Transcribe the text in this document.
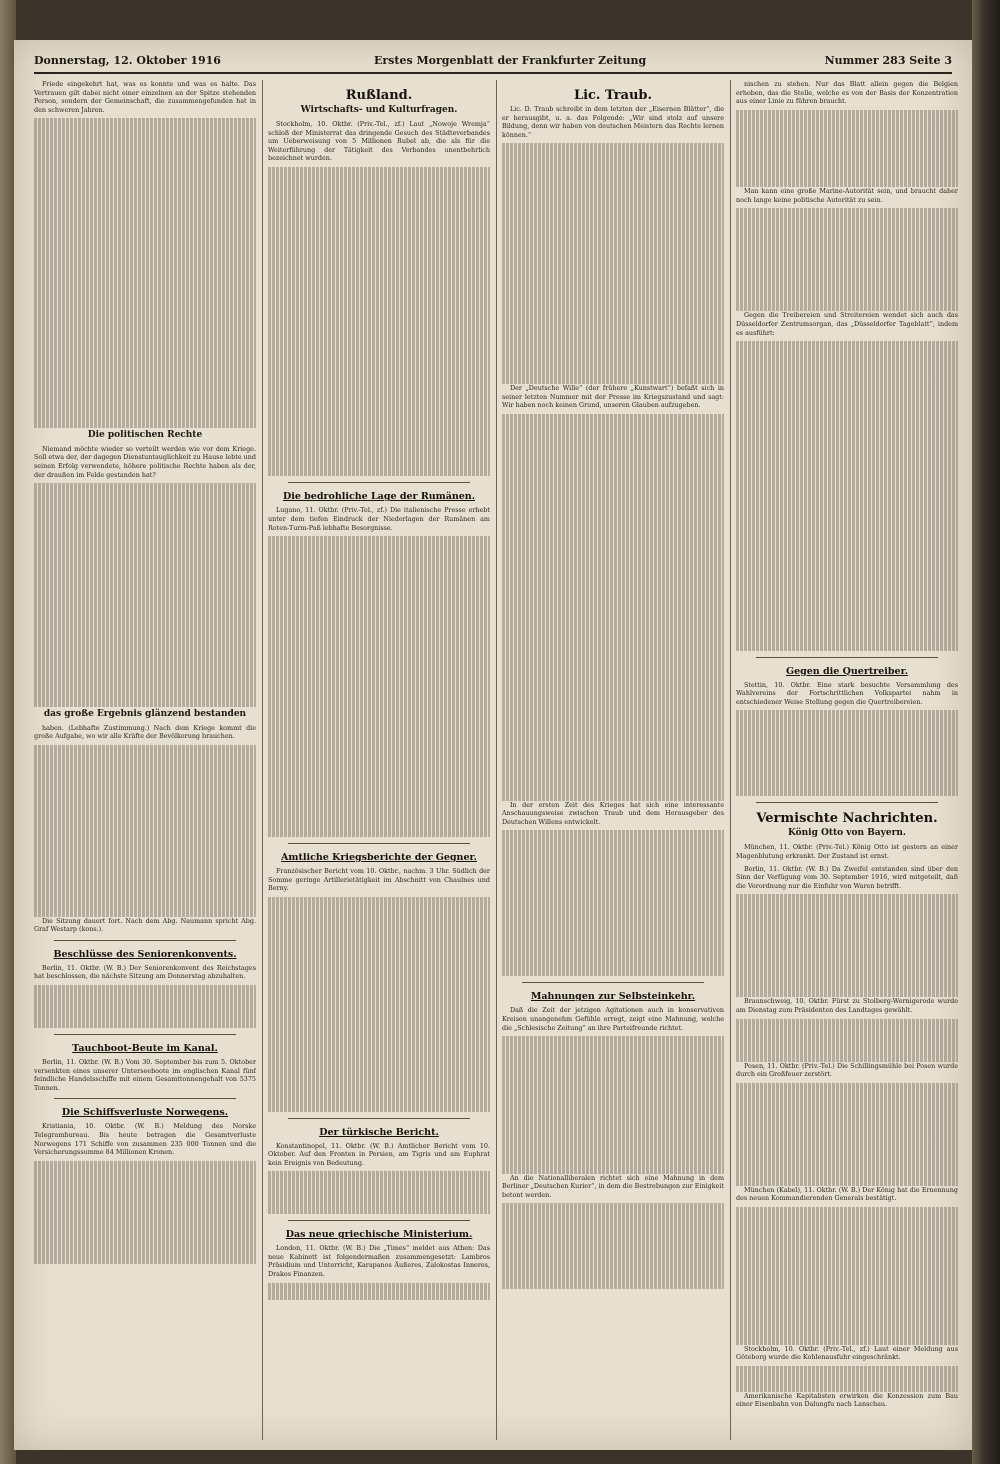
Donnerstag, 12. Oktober 1916	Erstes Morgenblatt der Frankfurter Zeitung	Nummer 283 Seite 3

Friede eingekehrt hat, was es konnte und was es halte. Das Vertrauen gilt dabei nicht einer einzelnen an der Spitze stehenden Person, sondern der Gemeinschaft, die zusammengefunden hat in den schweren Jahren.

Die politischen Rechte

Niemand möchte wieder so verteilt werden wie vor dem Kriege. Soll etwa der, der dagegen Dienstuntauglichkeit zu Hause lebte und seinen Erfolg verwendete, höhere politische Rechte haben als der, der draußen im Felde gestanden hat?

das große Ergebnis glänzend bestanden

haben. (Lebhafte Zustimmung.) Nach dem Kriege kommt die große Aufgabe, wo wir alle Kräfte der Bevölkerung brauchen.

Die Sitzung dauert fort. Nach dem Abg. Naumann spricht Abg. Graf Westarp (kons.).

Beschlüsse des Seniorenkonvents.

Berlin, 11. Oktbr. (W. B.) Der Seniorenkonvent des Reichstages hat beschlossen, die nächste Sitzung am Donnerstag abzuhalten.

Tauchboot-Beute im Kanal.

Berlin, 11. Oktbr. (W. B.) Vom 30. September bis zum 5. Oktober versenkten eines unserer Unterseeboote im englischen Kanal fünf feindliche Handelsschiffe mit einem Gesamttonnengehalt von 5375 Tonnen.

Die Schiffsverluste Norwegens.

Kristiania, 10. Oktbr. (W. B.) Meldung des Norske Telegrambureau. Bis heute betragen die Gesamtverluste Norwegens 171 Schiffe von zusammen 235 000 Tonnen und die Versicherungssumme 84 Millionen Kronen.

Rußland.
Wirtschafts- und Kulturfragen.

Stockholm, 10. Oktbr. (Priv.-Tel., zf.) Laut „Nowoje Wremja“ schloß der Ministerrat das dringende Gesuch des Städteverbandes um Ueberweisung von 5 Millionen Rubel ab, die als für die Weiterführung der Tätigkeit des Verbandes unentbehrlich bezeichnet wurden.

Die bedrohliche Lage der Rumänen.

Lugano, 11. Oktbr. (Priv.-Tel., zf.) Die italienische Presse erhebt unter dem tiefen Eindruck der Niederlagen der Rumänen am Roten-Turm-Paß lebhafte Besorgnisse.

Amtliche Kriegsberichte der Gegner.

Französischer Bericht vom 10. Oktbr., nachm. 3 Uhr. Südlich der Somme geringe Artillerietätigkeit im Abschnitt von Chaulnes und Berny.

Der türkische Bericht.

Konstantinopel, 11. Oktbr. (W. B.) Amtlicher Bericht vom 10. Oktober. Auf den Fronten in Persien, am Tigris und am Euphrat kein Ereignis von Bedeutung.

Das neue griechische Ministerium.

London, 11. Oktbr. (W. B.) Die „Times“ meldet aus Athen: Das neue Kabinett ist folgendermaßen zusammengesetzt: Lambros Präsidium und Unterricht, Karapanos Äußeres, Zalokostas Inneres, Drakos Finanzen.

Lic. Traub.

Lic. D. Traub schreibt in dem letzten der „Eisernen Blätter“, die er herausgibt, u. a. das Folgende: „Wir sind stolz auf unsere Bildung, denn wir haben von deutschen Meistern das Rechte lernen können.“

Der „Deutsche Wille“ (der frühere „Kunstwart“) befaßt sich in seiner letzten Nummer mit der Presse im Kriegszustand und sagt: Wir haben noch keinen Grund, unseren Glauben aufzugeben.

In der ersten Zeit des Krieges hat sich eine interessante Anschauungsweise zwischen Traub und dem Herausgeber des Deutschen Willens entwickelt.

Mahnungen zur Selbsteinkehr.

Daß die Zeit der jetzigen Agitationen auch in konservativen Kreisen unangenehm Gefühle erregt, zeigt eine Mahnung, welche die „Schlesische Zeitung“ an ihre Parteifreunde richtet.

An die Nationalliberalen richtet sich eine Mahnung in dem Berliner „Deutschen Kurier“, in dem die Bestrebungen zur Einigkeit betont werden.

nischen zu stehen. Nur das Blatt allein gegen die Belgien erhoben, das die Stelle, welche es von der Basis der Konzentration aus einer Linie zu führen braucht.

Man kann eine große Marine-Autorität sein, und braucht daher noch lange keine politische Autorität zu sein.

Gegen die Treibereien und Streitereien wendet sich auch das Düsseldorfer Zentrumsorgan, das „Düsseldorfer Tageblatt“, indem es ausführt:

Gegen die Quertreiber.

Stettin, 10. Oktbr. Eine stark besuchte Versammlung des Wahlvereins der Fortschrittlichen Volkspartei nahm in entschiedener Weise Stellung gegen die Quertreibereien.

Vermischte Nachrichten.
König Otto von Bayern.

München, 11. Oktbr. (Priv.-Tel.) König Otto ist gestern an einer Magenblutung erkrankt. Der Zustand ist ernst.

Berlin, 11. Oktbr. (W. B.) Da Zweifel entstanden sind über den Sinn der Verfügung vom 30. September 1916, wird mitgeteilt, daß die Verordnung nur die Einfuhr von Waren betrifft.

Braunschweig, 10. Oktbr. Fürst zu Stolberg-Wernigerode wurde am Dienstag zum Präsidenten des Landtages gewählt.

Posen, 11. Oktbr. (Priv.-Tel.) Die Schillingsmühle bei Posen wurde durch ein Großfeuer zerstört.

München (Kabel), 11. Oktbr. (W. B.) Der König hat die Ernennung des neuen Kommandierenden Generals bestätigt.

Stockholm, 10. Oktbr. (Priv.-Tel., zf.) Laut einer Meldung aus Göteborg wurde die Kohlenausfuhr eingeschränkt.

Amerikanische Kapitalisten erwirken die Konzession zum Bau einer Eisenbahn von Dalungfu nach Lanschau.
